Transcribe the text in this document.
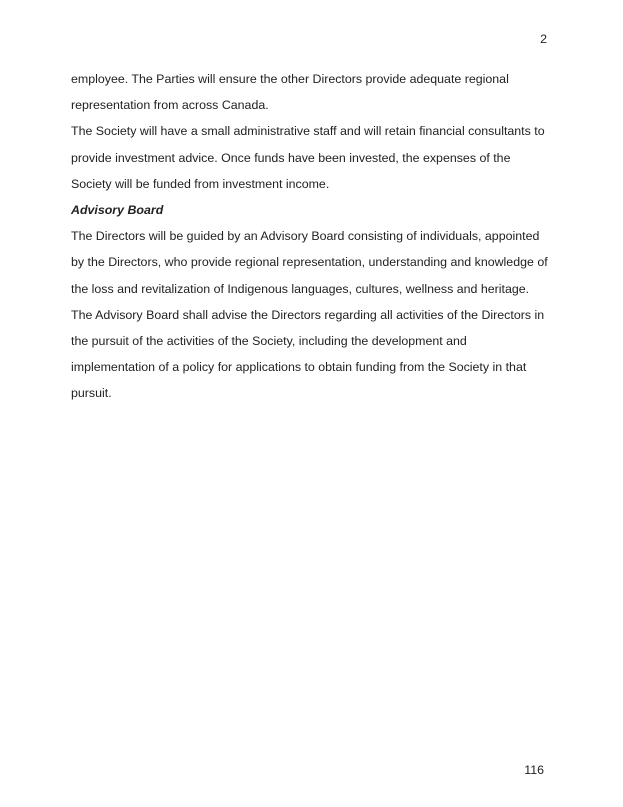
2
employee. The Parties will ensure the other Directors provide adequate regional
representation from across Canada.
The Society will have a small administrative staff and will retain financial consultants to
provide investment advice. Once funds have been invested, the expenses of the
Society will be funded from investment income.
Advisory Board
The Directors will be guided by an Advisory Board consisting of individuals, appointed
by the Directors, who provide regional representation, understanding and knowledge of
the loss and revitalization of Indigenous languages, cultures, wellness and heritage.
The Advisory Board shall advise the Directors regarding all activities of the Directors in
the pursuit of the activities of the Society, including the development and
implementation of a policy for applications to obtain funding from the Society in that
pursuit.
116
